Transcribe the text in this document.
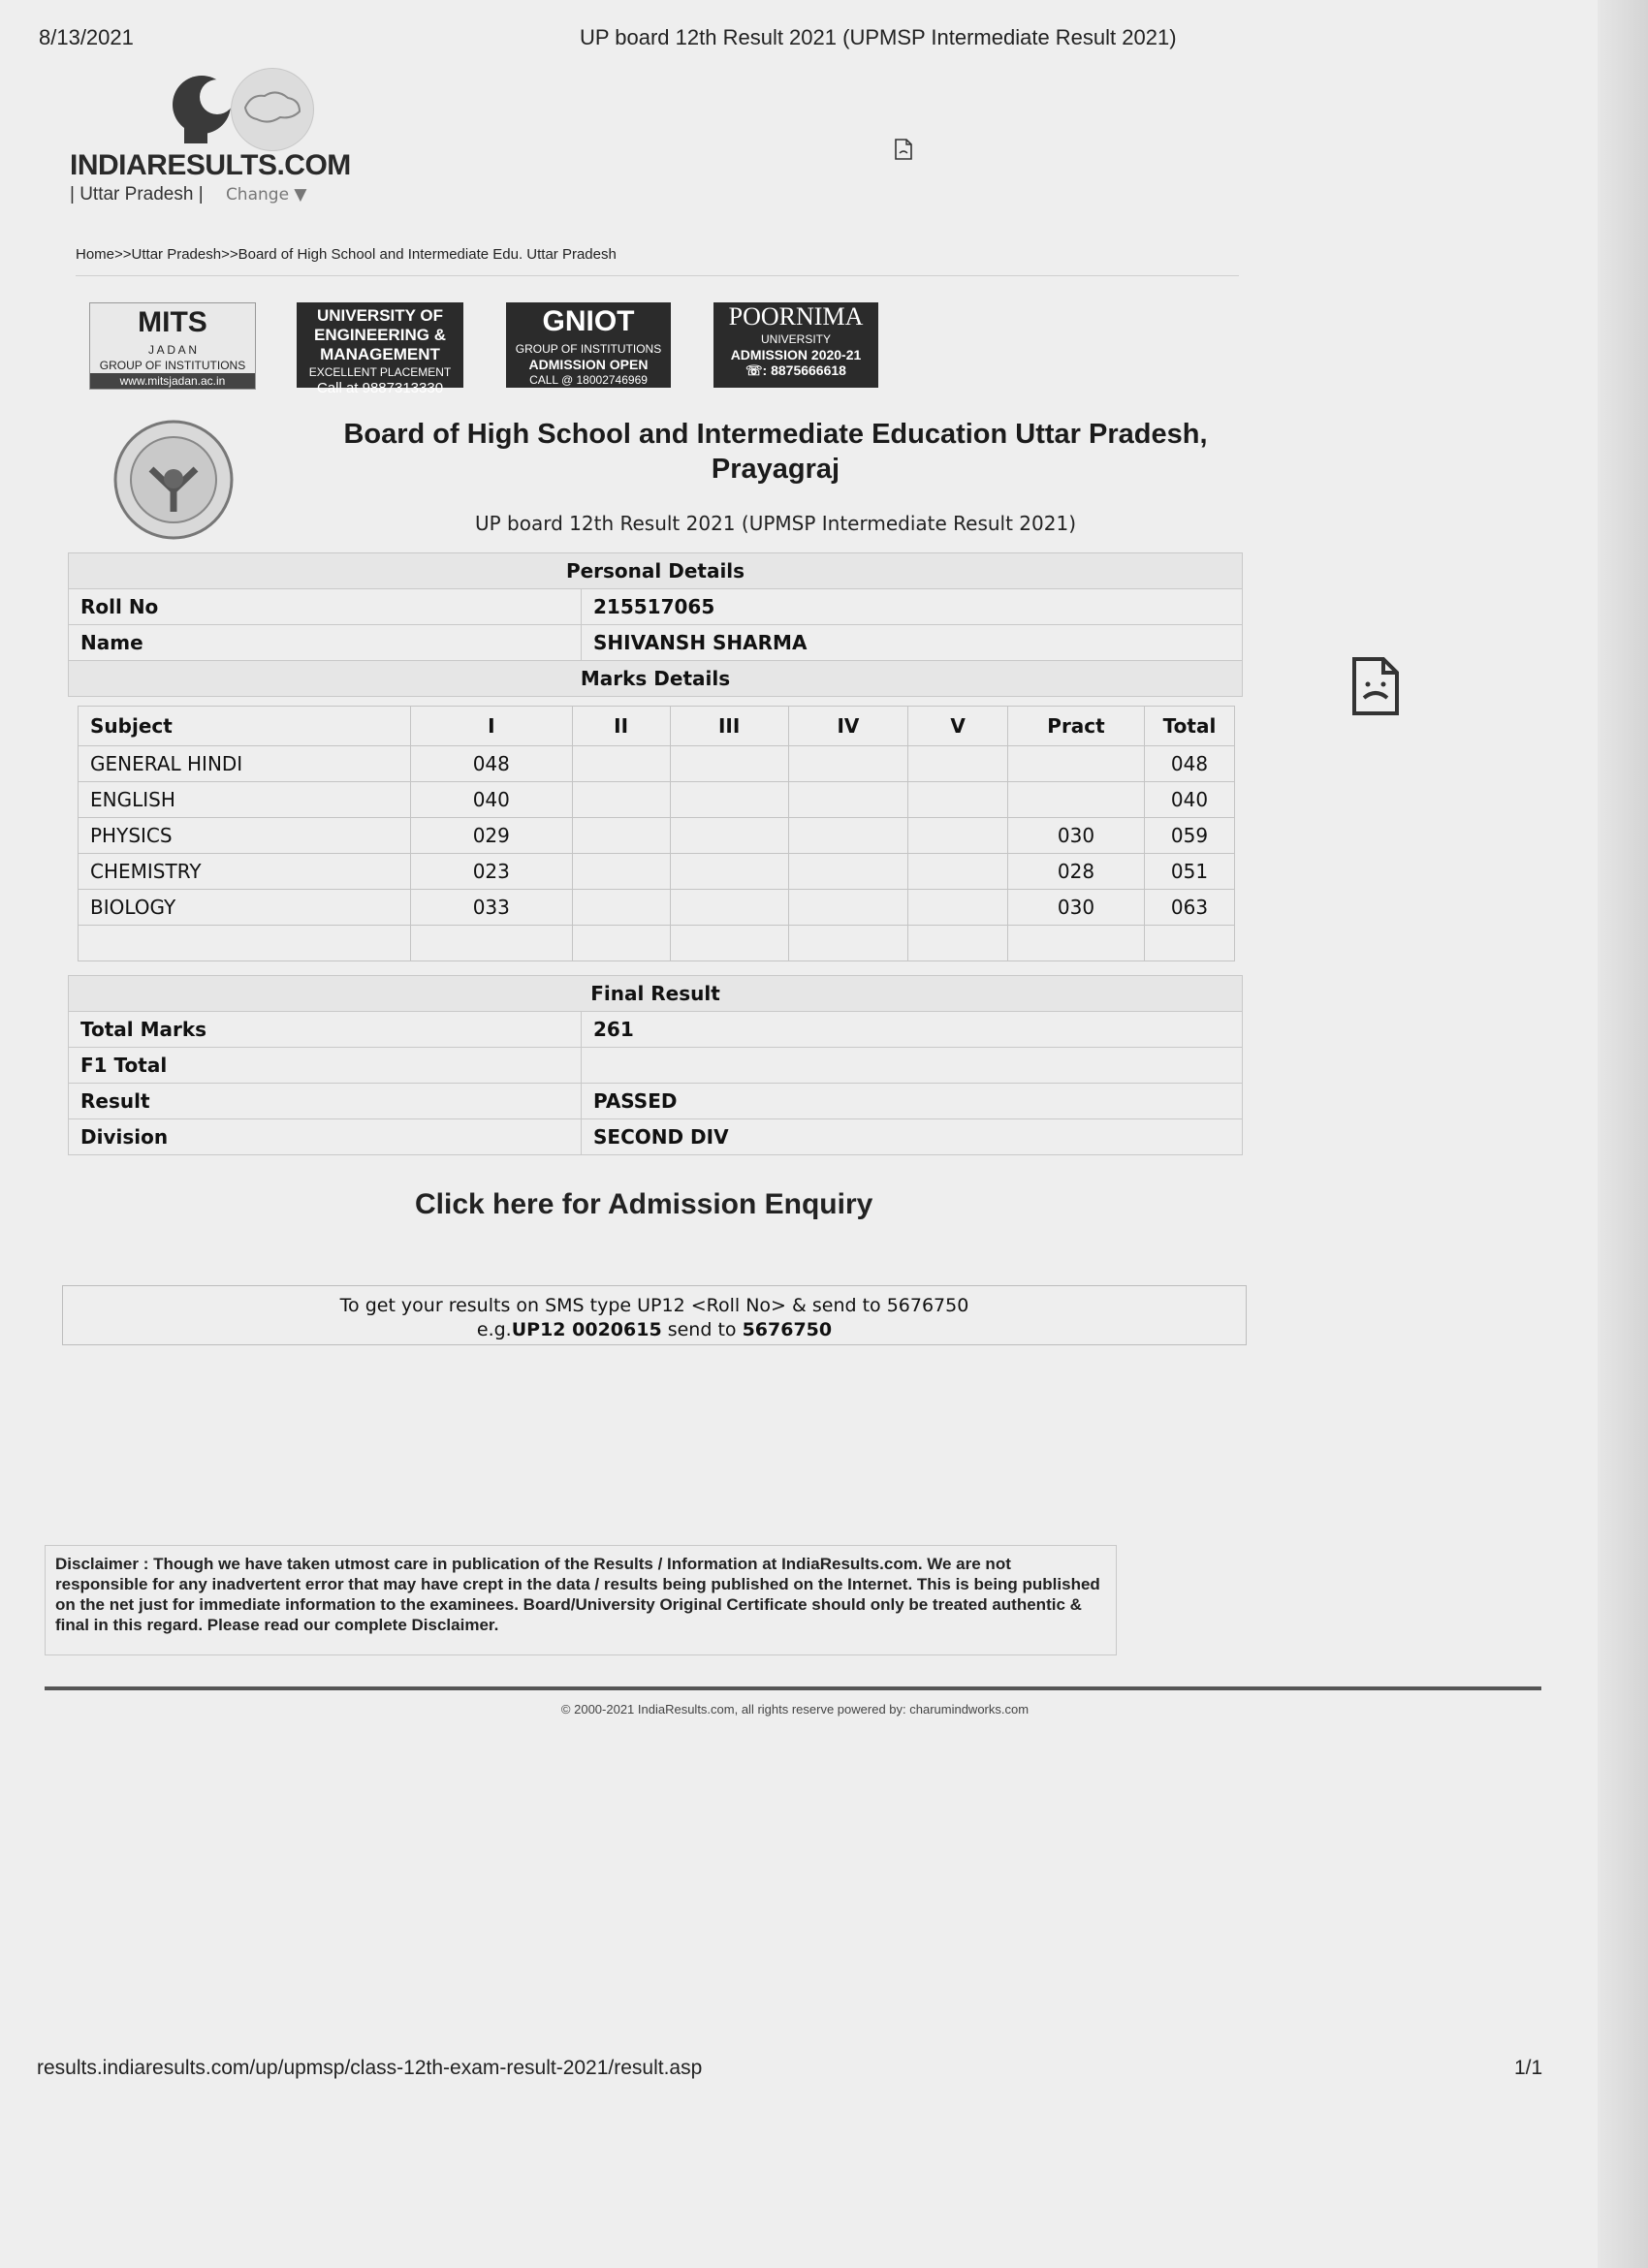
8/13/2021	UP board 12th Result 2021 (UPMSP Intermediate Result 2021)
INDIARESULTS.COM
| Uttar Pradesh | Change ▼
Home>>Uttar Pradesh>>Board of High School and Intermediate Edu. Uttar Pradesh
MITS
J A D A N
GROUP OF INSTITUTIONS
www.mitsjadan.ac.in
UNIVERSITY OF ENGINEERING & MANAGEMENT
EXCELLENT PLACEMENT
Call at 9887313330
GNIOT
GROUP OF INSTITUTIONS
ADMISSION OPEN
CALL @ 18002746969
POORNIMA
UNIVERSITY
ADMISSION 2020-21
☏: 8875666618
Board of High School and Intermediate Education Uttar Pradesh,
Prayagraj
UP board 12th Result 2021 (UPMSP Intermediate Result 2021)
Personal Details	
Roll No	215517065
Name	SHIVANSH SHARMA
Marks Details	
Subject	I	II	III	IV	V	Pract	Total
GENERAL HINDI	048						048
ENGLISH	040						040
PHYSICS	029					030	059
CHEMISTRY	023					028	051
BIOLOGY	033					030	063

Final Result	
Total Marks	261
F1 Total	
Result	PASSED
Division	SECOND DIV
Click here for Admission Enquiry
To get your results on SMS type UP12 <Roll No> & send to 5676750
e.g.UP12 0020615 send to 5676750
Disclaimer : Though we have taken utmost care in publication of the Results / Information at IndiaResults.com. We are not responsible for any inadvertent error that may have crept in the data / results being published on the Internet. This is being published on the net just for immediate information to the examinees. Board/University Original Certificate should only be treated authentic & final in this regard. Please read our complete Disclaimer.
© 2000-2021 IndiaResults.com, all rights reserve powered by: charumindworks.com
results.indiaresults.com/up/upmsp/class-12th-exam-result-2021/result.asp	1/1
